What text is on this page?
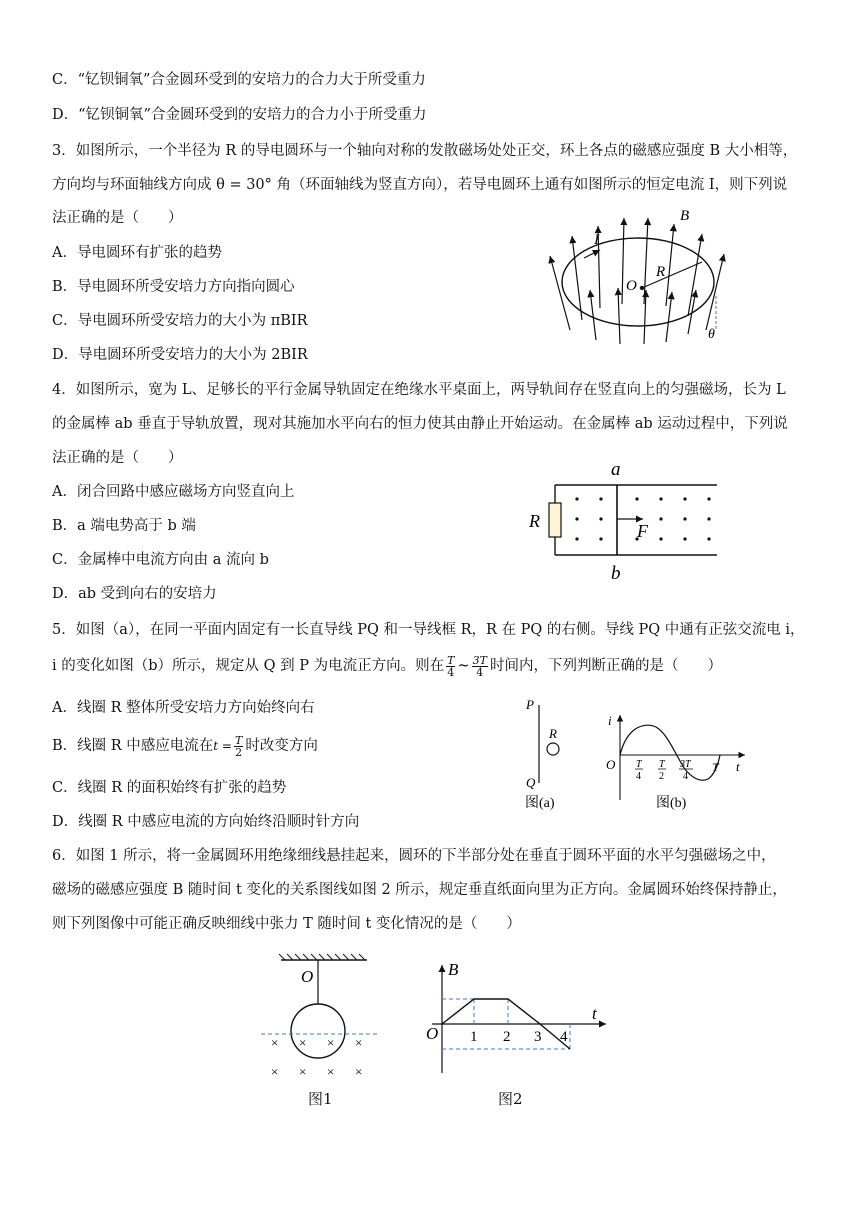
C．“钇钡铜氧”合金圆环受到的安培力的合力大于所受重力
D．“钇钡铜氧”合金圆环受到的安培力的合力小于所受重力
3．如图所示，一个半径为 R 的导电圆环与一个轴向对称的发散磁场处处正交，环上各点的磁感应强度 B 大小相等，
方向均与环面轴线方向成 θ = 30° 角（环面轴线为竖直方向），若导电圆环上通有如图所示的恒定电流 I，则下列说
法正确的是（　　）
A．导电圆环有扩张的趋势
B．导电圆环所受安培力方向指向圆心
C．导电圆环所受安培力的大小为 πBIR
D．导电圆环所受安培力的大小为 2BIR
B
I
R
O
θ
4．如图所示，宽为 L、足够长的平行金属导轨固定在绝缘水平桌面上，两导轨间存在竖直向上的匀强磁场，长为 L
的金属棒 ab 垂直于导轨放置，现对其施加水平向右的恒力使其由静止开始运动。在金属棒 ab 运动过程中，下列说
法正确的是（　　）
A．闭合回路中感应磁场方向竖直向上
B．a 端电势高于 b 端
C．金属棒中电流方向由 a 流向 b
D．ab 受到向右的安培力
a
b
R	F
5．如图（a），在同一平面内固定有一长直导线 PQ 和一导线框 R，R 在 PQ 的右侧。导线 PQ 中通有正弦交流电 i，
i 的变化如图（b）所示，规定从 Q 到 P 为电流正方向。则在 $\frac{T}{4}$ ~ $\frac{3T}{4}$ 时间内，下列判断正确的是（　　）
A．线圈 R 整体所受安培力方向始终向右
B．线圈 R 中感应电流在$t = \frac{T}{2}$ 时改变方向
C．线圈 R 的面积始终有扩张的趋势
D．线圈 R 中感应电流的方向始终沿顺时针方向
P
Q
R
图(a)
i
O	t
T
T
4
T
2
3T
4
图(b)
6．如图 1 所示，将一金属圆环用绝缘细线悬挂起来，圆环的下半部分处在垂直于圆环平面的水平匀强磁场之中，
磁场的磁感应强度 B 随时间 t 变化的关系图线如图 2 所示，规定垂直纸面向里为正方向。金属圆环始终保持静止，
则下列图像中可能正确反映细线中张力 T 随时间 t 变化情况的是（　　）
× × × ×
× × × ×
O
图1
B
t
O 1 2 3 4
图2
